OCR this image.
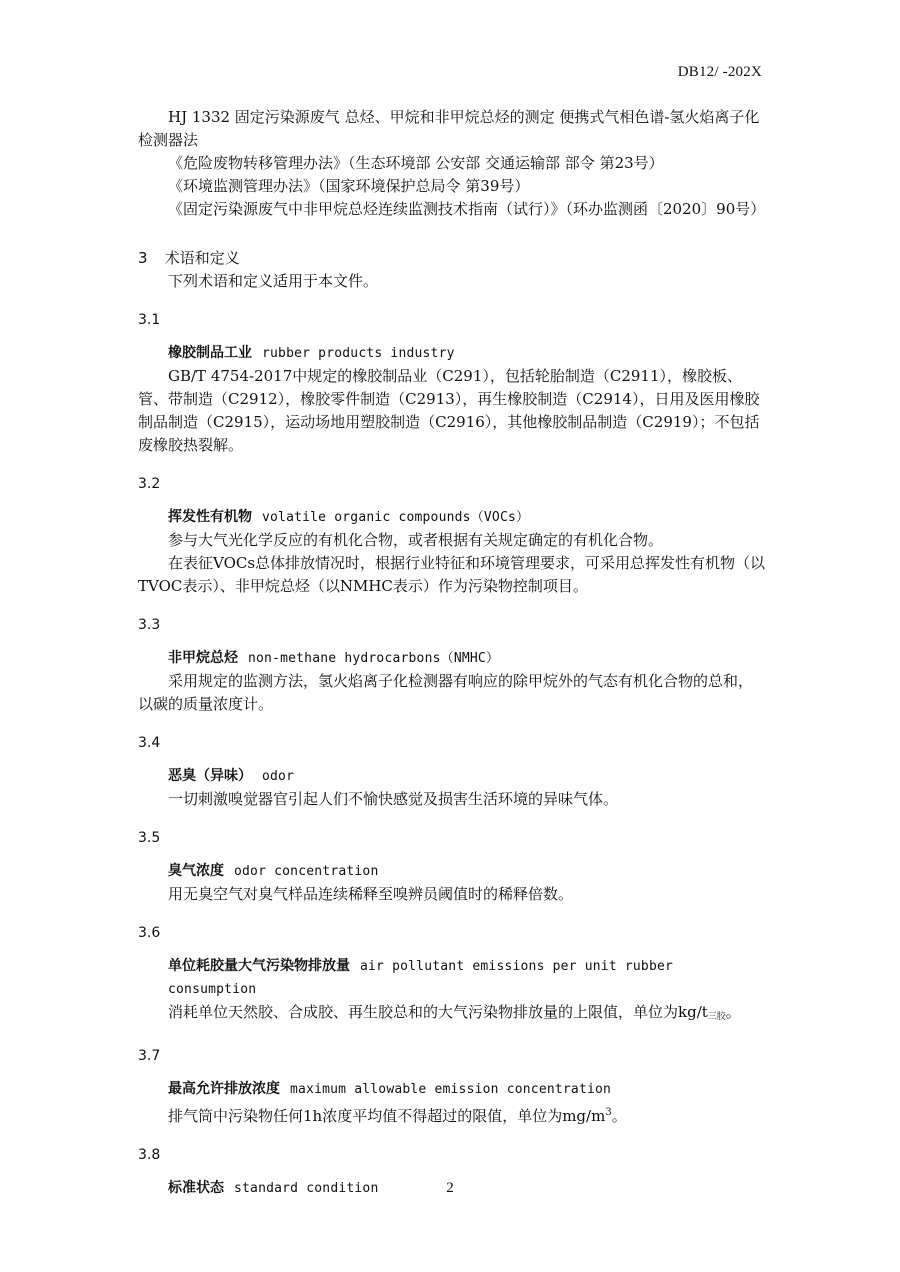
DB12/ -202X

HJ 1332 固定污染源废气 总烃、甲烷和非甲烷总烃的测定 便携式气相色谱-氢火焰离子化检测器法

《危险废物转移管理办法》（生态环境部 公安部 交通运输部 部令 第23号）

《环境监测管理办法》（国家环境保护总局令 第39号）

《固定污染源废气中非甲烷总烃连续监测技术指南（试行）》（环办监测函〔2020〕90号）

3 术语和定义

下列术语和定义适用于本文件。

3.1
橡胶制品工业 rubber products industry

GB/T 4754-2017中规定的橡胶制品业（C291），包括轮胎制造（C2911），橡胶板、管、带制造（C2912），橡胶零件制造（C2913），再生橡胶制造（C2914），日用及医用橡胶制品制造（C2915），运动场地用塑胶制造（C2916），其他橡胶制品制造（C2919）；不包括废橡胶热裂解。

3.2
挥发性有机物 volatile organic compounds（VOCs）

参与大气光化学反应的有机化合物，或者根据有关规定确定的有机化合物。

在表征VOCs总体排放情况时，根据行业特征和环境管理要求，可采用总挥发性有机物（以TVOC表示）、非甲烷总烃（以NMHC表示）作为污染物控制项目。

3.3
非甲烷总烃 non-methane hydrocarbons（NMHC）

采用规定的监测方法，氢火焰离子化检测器有响应的除甲烷外的气态有机化合物的总和，以碳的质量浓度计。

3.4
恶臭（异味） odor

一切刺激嗅觉器官引起人们不愉快感觉及损害生活环境的异味气体。

3.5
臭气浓度 odor concentration

用无臭空气对臭气样品连续稀释至嗅辨员阈值时的稀释倍数。

3.6
单位耗胶量大气污染物排放量 air pollutant emissions per unit rubber consumption

消耗单位天然胶、合成胶、再生胶总和的大气污染物排放量的上限值，单位为$kg/t_{三胶}$。

3.7
最高允许排放浓度 maximum allowable emission concentration

排气筒中污染物任何1h浓度平均值不得超过的限值，单位为$mg/m^3$。

3.8
标准状态 standard condition	2
